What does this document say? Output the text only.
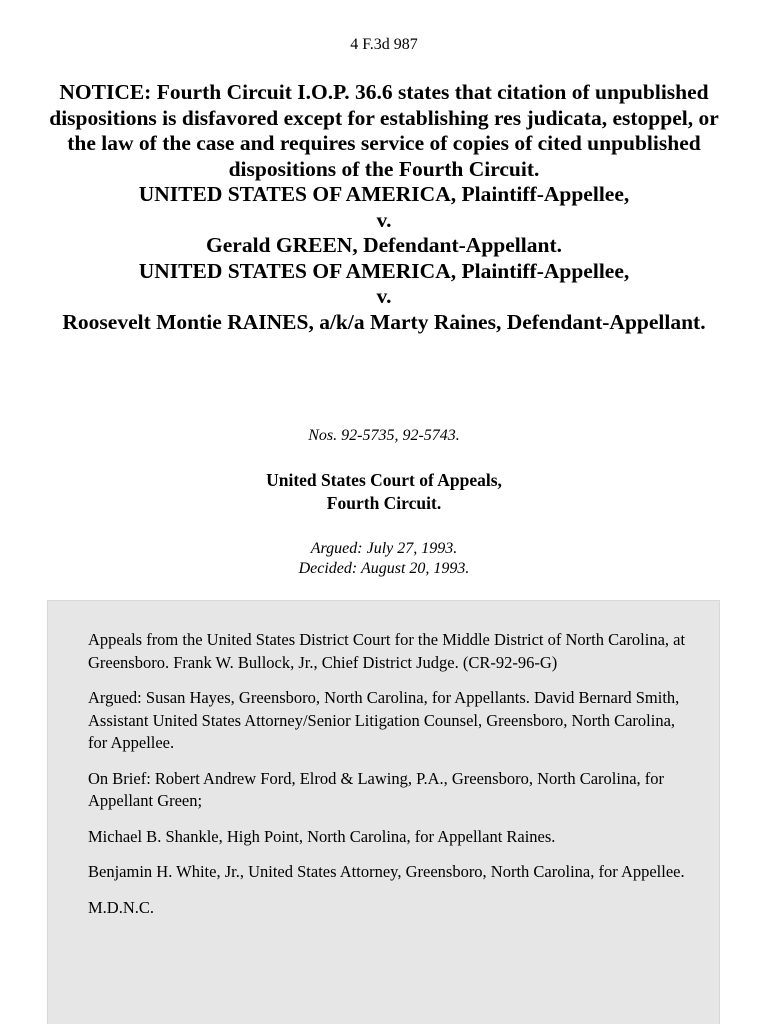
4 F.3d 987
NOTICE: Fourth Circuit I.O.P. 36.6 states that citation of unpublished dispositions is disfavored except for establishing res judicata, estoppel, or the law of the case and requires service of copies of cited unpublished dispositions of the Fourth Circuit.
UNITED STATES OF AMERICA, Plaintiff-Appellee,
v.
Gerald GREEN, Defendant-Appellant.
UNITED STATES OF AMERICA, Plaintiff-Appellee,
v.
Roosevelt Montie RAINES, a/k/a Marty Raines, Defendant-Appellant.
Nos. 92-5735, 92-5743.
United States Court of Appeals,
Fourth Circuit.
Argued: July 27, 1993.
Decided: August 20, 1993.

Appeals from the United States District Court for the Middle District of North Carolina, at Greensboro. Frank W. Bullock, Jr., Chief District Judge. (CR-92-96-G)

Argued: Susan Hayes, Greensboro, North Carolina, for Appellants. David Bernard Smith, Assistant United States Attorney/Senior Litigation Counsel, Greensboro, North Carolina, for Appellee.

On Brief: Robert Andrew Ford, Elrod & Lawing, P.A., Greensboro, North Carolina, for Appellant Green;

Michael B. Shankle, High Point, North Carolina, for Appellant Raines.

Benjamin H. White, Jr., United States Attorney, Greensboro, North Carolina, for Appellee.

M.D.N.C.
